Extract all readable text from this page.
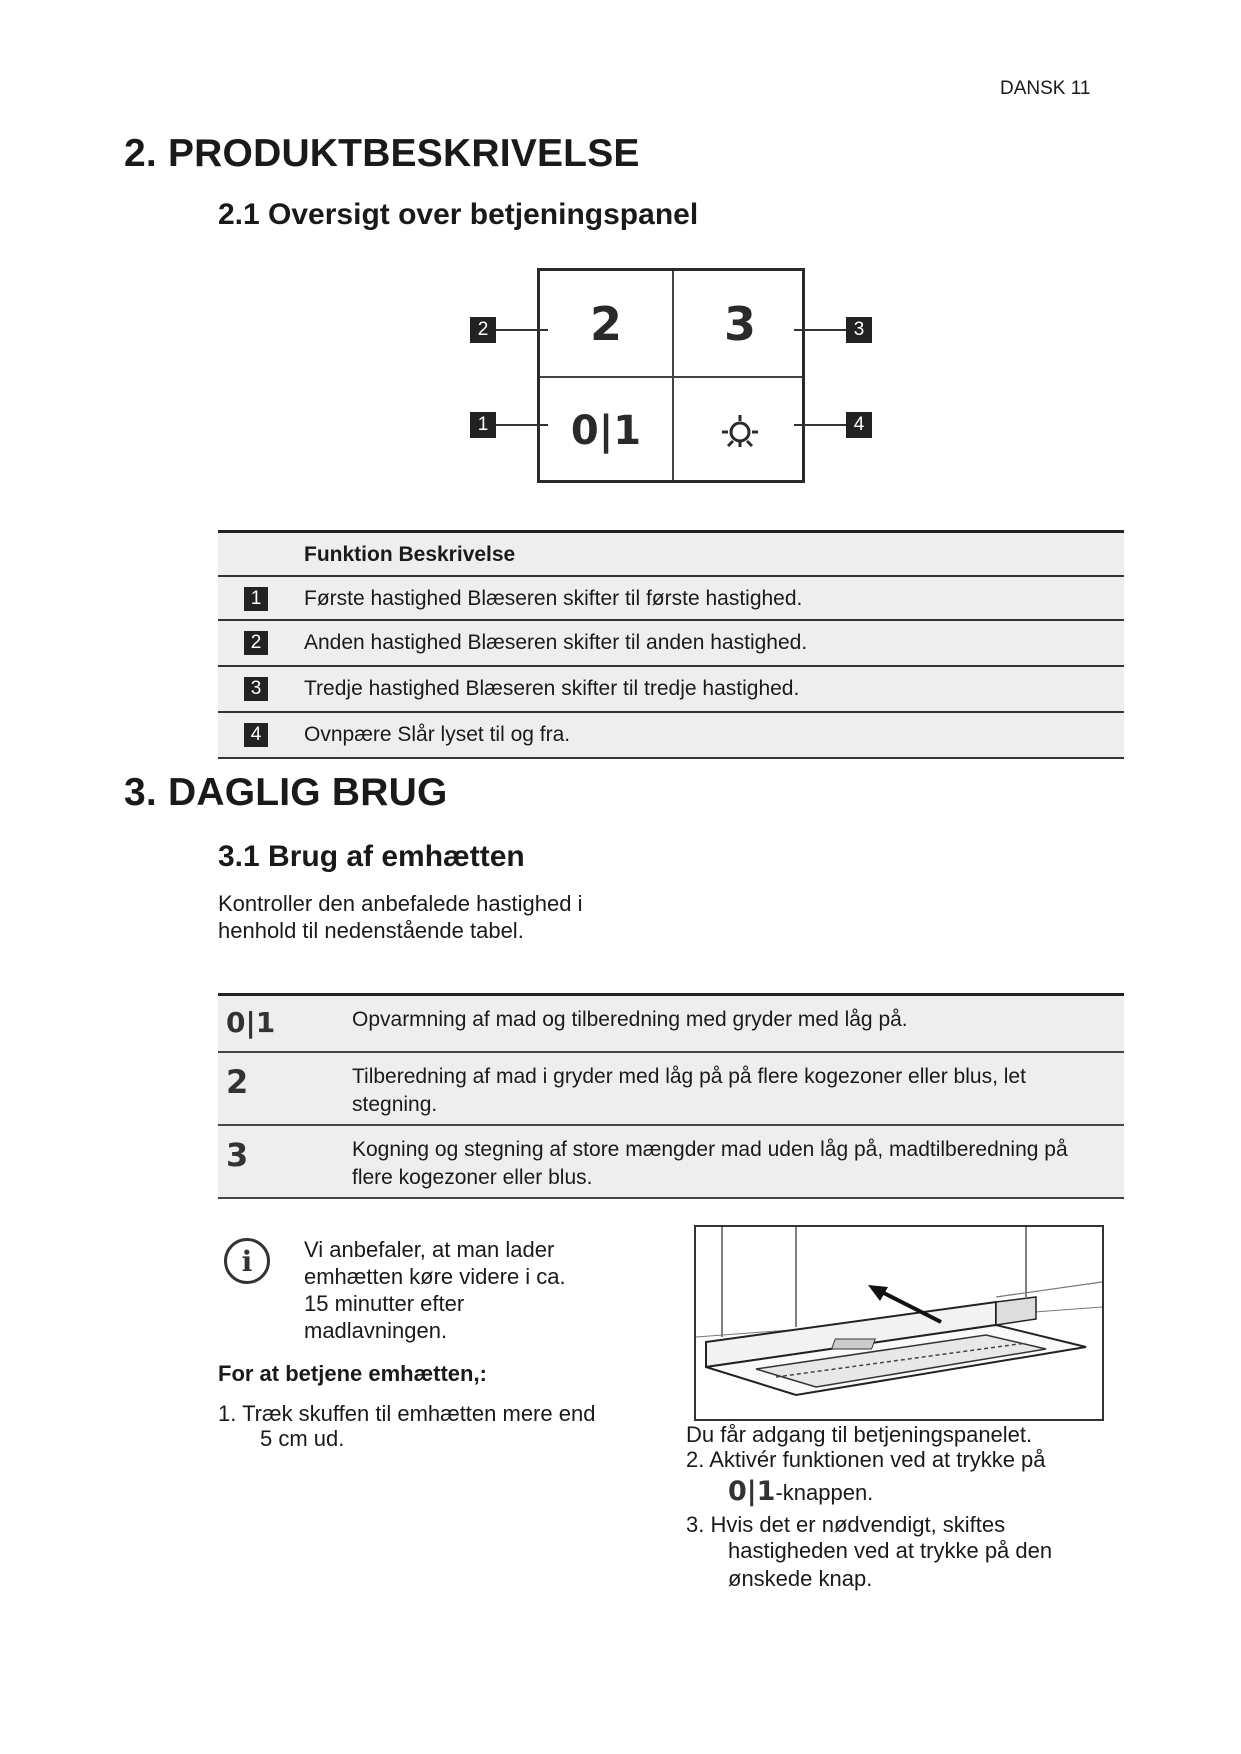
DANSK 11
2. PRODUKTBESKRIVELSE
2.1 Oversigt over betjeningspanel
2	3
0|1
2	3
1	4
Funktion Beskrivelse
1	Første hastighed Blæseren skifter til første hastighed.
2	Anden hastighed Blæseren skifter til anden hastighed.
3	Tredje hastighed Blæseren skifter til tredje hastighed.
4	Ovnpære Slår lyset til og fra.
3. DAGLIG BRUG
3.1 Brug af emhætten
Kontroller den anbefalede hastighed i
henhold til nedenstående tabel.
0|1	Opvarmning af mad og tilberedning med gryder med låg på.
2	Tilberedning af mad i gryder med låg på på flere kogezoner eller blus, let
stegning.
3	Kogning og stegning af store mængder mad uden låg på, madtilberedning på
flere kogezoner eller blus.
i	Vi anbefaler, at man lader
emhætten køre videre i ca.
15 minutter efter
madlavningen.
For at betjene emhætten,:
1. Træk skuffen til emhætten mere end
5 cm ud.	Du får adgang til betjeningspanelet.
2. Aktivér funktionen ved at trykke på
0|1-knappen.
3. Hvis det er nødvendigt, skiftes
hastigheden ved at trykke på den
ønskede knap.
